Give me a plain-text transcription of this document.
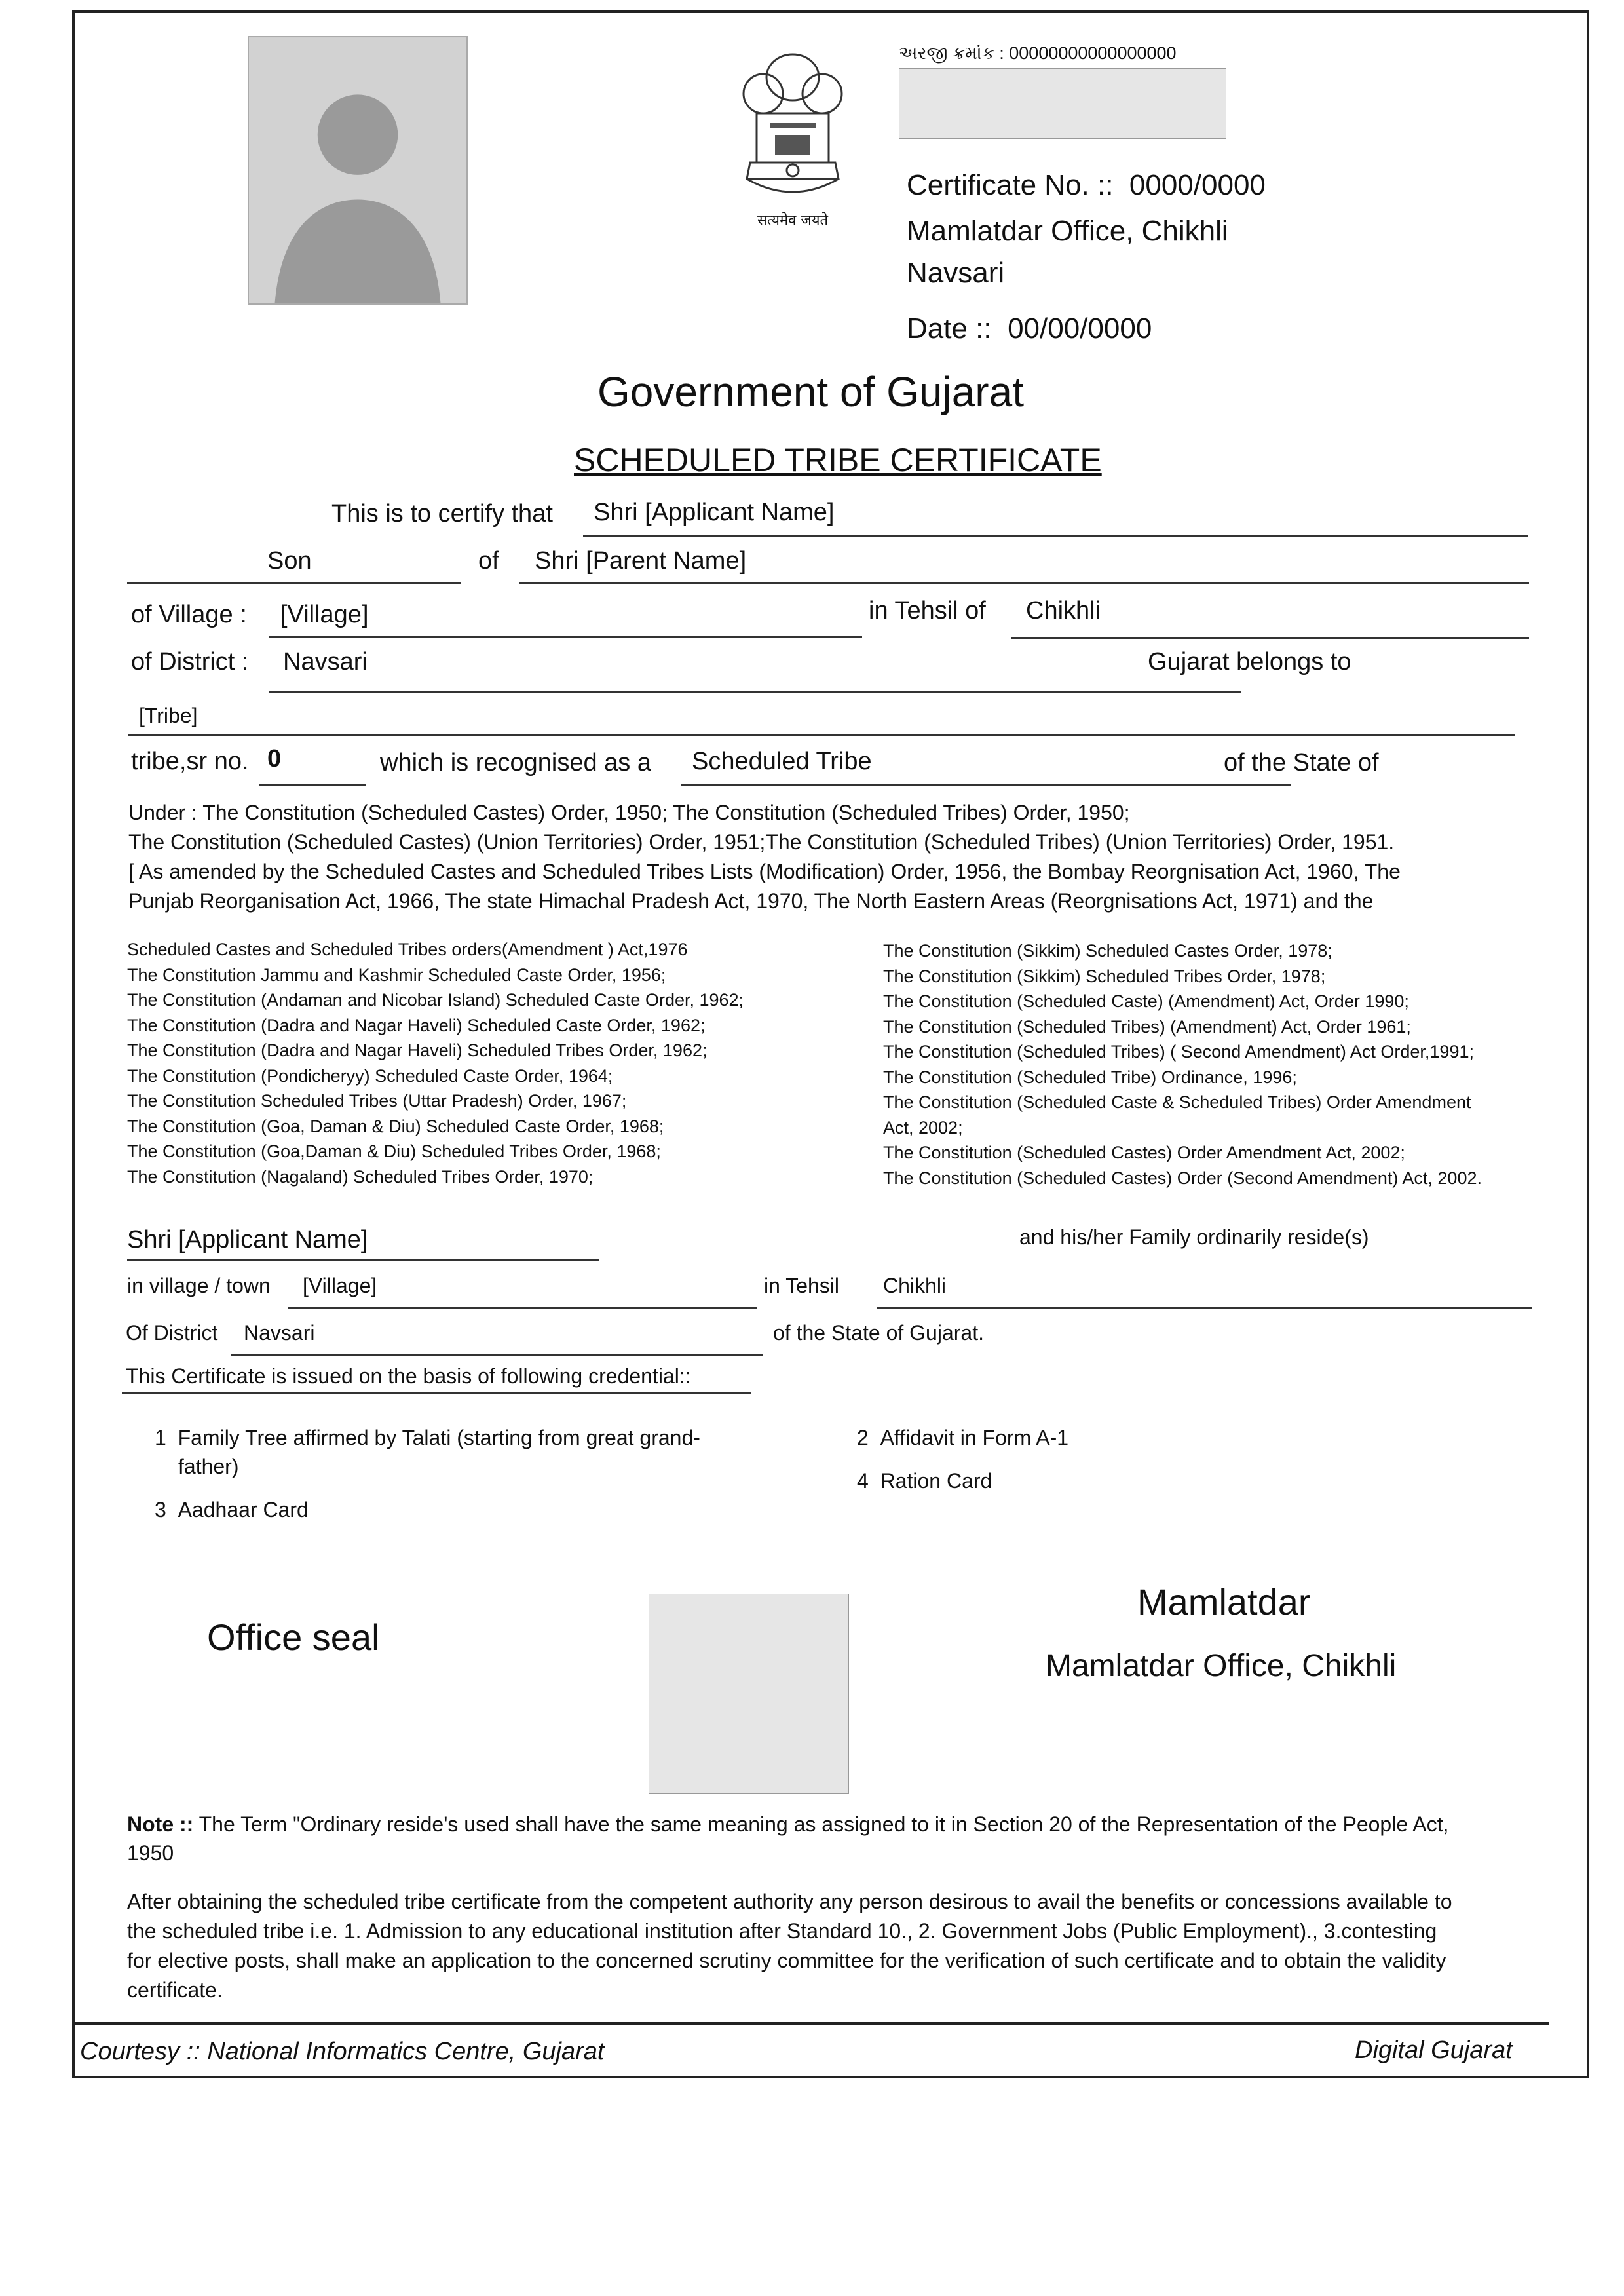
सत्यमेव जयते
અરજી ક્રમાંક : 00000000000000000
Certificate No. :: 0000/0000
Mamlatdar Office, Chikhli
Navsari
Date :: 00/00/0000
Government of Gujarat
SCHEDULED TRIBE CERTIFICATE
This is to certify that Shri [Applicant Name]
Son	of Shri [Parent Name]
of Village : [Village]	in Tehsil of Chikhli
of District : Navsari	Gujarat belongs to
[Tribe]
tribe,sr no. 0	which is recognised as a Scheduled Tribe	of the State of
Under : The Constitution (Scheduled Castes) Order, 1950; The Constitution (Scheduled Tribes) Order, 1950;
The Constitution (Scheduled Castes) (Union Territories) Order, 1951;The Constitution (Scheduled Tribes) (Union Territories) Order, 1951.
[ As amended by the Scheduled Castes and Scheduled Tribes Lists (Modification) Order, 1956, the Bombay Reorgnisation Act, 1960, The
Punjab Reorganisation Act, 1966, The state Himachal Pradesh Act, 1970, The North Eastern Areas (Reorgnisations Act, 1971) and the
Scheduled Castes and Scheduled Tribes orders(Amendment ) Act,1976
The Constitution Jammu and Kashmir Scheduled Caste Order, 1956;
The Constitution (Andaman and Nicobar Island) Scheduled Caste Order, 1962;
The Constitution (Dadra and Nagar Haveli) Scheduled Caste Order, 1962;
The Constitution (Dadra and Nagar Haveli) Scheduled Tribes Order, 1962;
The Constitution (Pondicheryy) Scheduled Caste Order, 1964;
The Constitution Scheduled Tribes (Uttar Pradesh) Order, 1967;
The Constitution (Goa, Daman & Diu) Scheduled Caste Order, 1968;
The Constitution (Goa,Daman & Diu) Scheduled Tribes Order, 1968;
The Constitution (Nagaland) Scheduled Tribes Order, 1970;
The Constitution (Sikkim) Scheduled Castes Order, 1978;
The Constitution (Sikkim) Scheduled Tribes Order, 1978;
The Constitution (Scheduled Caste) (Amendment) Act, Order 1990;
The Constitution (Scheduled Tribes) (Amendment) Act, Order 1961;
The Constitution (Scheduled Tribes) ( Second Amendment) Act Order,1991;
The Constitution (Scheduled Tribe) Ordinance, 1996;
The Constitution (Scheduled Caste & Scheduled Tribes) Order Amendment
Act, 2002;
The Constitution (Scheduled Castes) Order Amendment Act, 2002;
The Constitution (Scheduled Castes) Order (Second Amendment) Act, 2002.
Shri [Applicant Name]	and his/her Family ordinarily reside(s)
in village / town [Village]	in Tehsil Chikhli
Of District Navsari	of the State of Gujarat.
This Certificate is issued on the basis of following credential::
1 Family Tree affirmed by Talati (starting from great grand-
father)
2 Affidavit in Form A-1
3 Aadhaar Card
4 Ration Card
Office seal
Mamlatdar
Mamlatdar Office, Chikhli
Note :: The Term "Ordinary reside's used shall have the same meaning as assigned to it in Section 20 of the Representation of the People Act,
1950
After obtaining the scheduled tribe certificate from the competent authority any person desirous to avail the benefits or concessions available to
the scheduled tribe i.e. 1. Admission to any educational institution after Standard 10., 2. Government Jobs (Public Employment)., 3.contesting
for elective posts, shall make an application to the concerned scrutiny committee for the verification of such certificate and to obtain the validity
certificate.
Courtesy :: National Informatics Centre, Gujarat	Digital Gujarat
